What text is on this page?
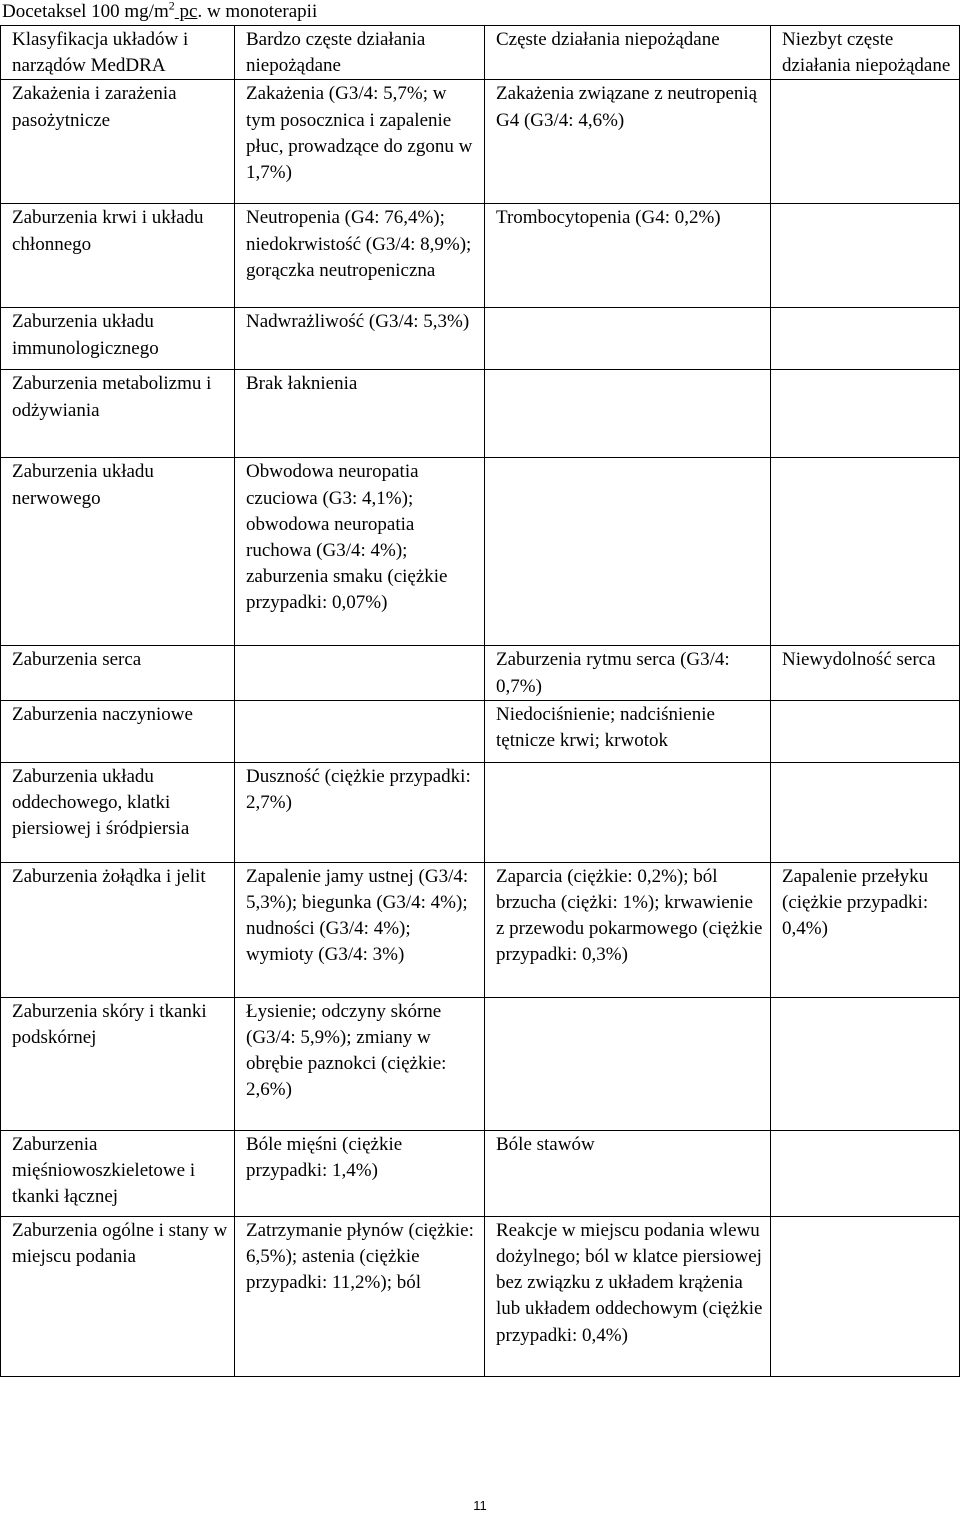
Docetaksel 100 $mg/m^2$ pc. w monoterapii
Klasyfikacja układów i narządów MedDRA	Bardzo częste działania niepożądane	Częste działania niepożądane	Niezbyt częste działania niepożądane
Zakażenia i zarażenia pasożytnicze	Zakażenia (G3/4: 5,7%; w tym posocznica i zapalenie płuc, prowadzące do zgonu w 1,7%)	Zakażenia związane z neutropenią G4 (G3/4: 4,6%)	
Zaburzenia krwi i układu chłonnego	Neutropenia (G4: 76,4%); niedokrwistość (G3/4: 8,9%); gorączka neutropeniczna	Trombocytopenia (G4: 0,2%)	
Zaburzenia układu immunologicznego	Nadwrażliwość (G3/4: 5,3%)		
Zaburzenia metabolizmu i odżywiania	Brak łaknienia		
Zaburzenia układu nerwowego	Obwodowa neuropatia czuciowa (G3: 4,1%); obwodowa neuropatia ruchowa (G3/4: 4%); zaburzenia smaku (ciężkie przypadki: 0,07%)		
Zaburzenia serca		Zaburzenia rytmu serca (G3/4: 0,7%)	Niewydolność serca
Zaburzenia naczyniowe		Niedociśnienie; nadciśnienie tętnicze krwi; krwotok	
Zaburzenia układu oddechowego, klatki piersiowej i śródpiersia	Duszność (ciężkie przypadki: 2,7%)		
Zaburzenia żołądka i jelit	Zapalenie jamy ustnej (G3/4: 5,3%); biegunka (G3/4: 4%); nudności (G3/4: 4%); wymioty (G3/4: 3%)	Zaparcia (ciężkie: 0,2%); ból brzucha (ciężki: 1%); krwawienie z przewodu pokarmowego (ciężkie przypadki: 0,3%)	Zapalenie przełyku (ciężkie przypadki: 0,4%)
Zaburzenia skóry i tkanki podskórnej	Łysienie; odczyny skórne (G3/4: 5,9%); zmiany w obrębie paznokci (ciężkie: 2,6%)		
Zaburzenia mięśniowoszkieletowe i tkanki łącznej	Bóle mięśni (ciężkie przypadki: 1,4%)	Bóle stawów	
Zaburzenia ogólne i stany w miejscu podania	Zatrzymanie płynów (ciężkie: 6,5%); astenia (ciężkie przypadki: 11,2%); ból	Reakcje w miejscu podania wlewu dożylnego; ból w klatce piersiowej bez związku z układem krążenia lub układem oddechowym (ciężkie przypadki: 0,4%)	
11
